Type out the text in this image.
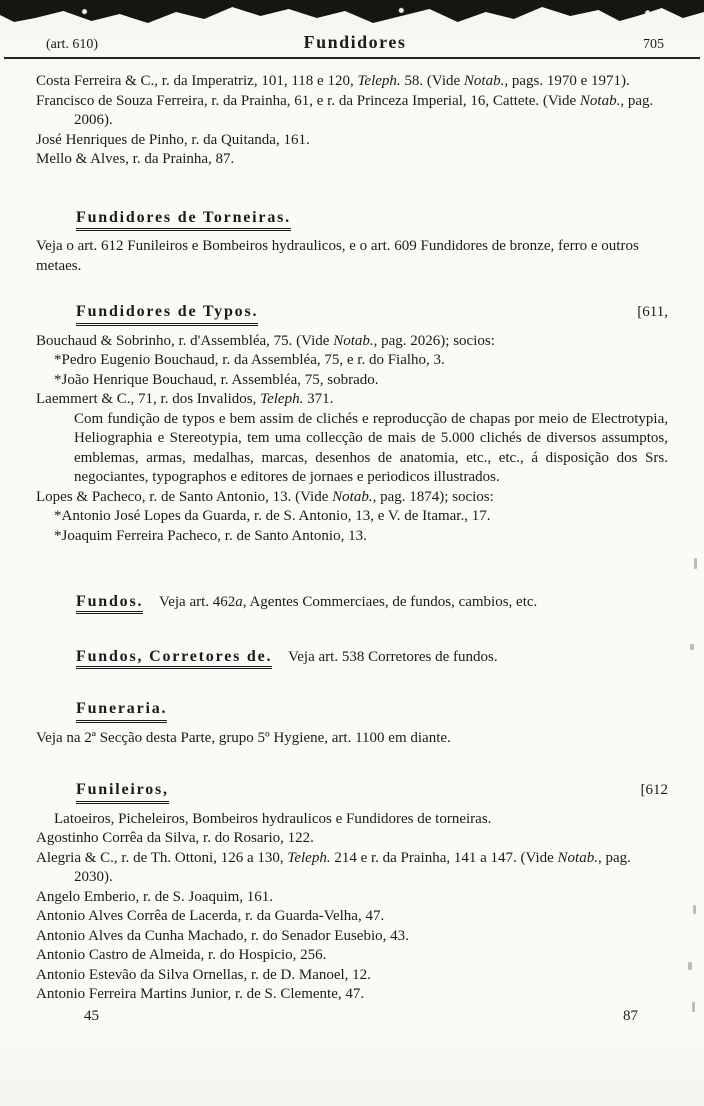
(art. 610)	Fundidores	705
Costa Ferreira & C., r. da Imperatriz, 101, 118 e 120, Teleph. 58. (Vide Notab., pags. 1970 e 1971).
Francisco de Souza Ferreira, r. da Prainha, 61, e r. da Princeza Imperial, 16, Cattete. (Vide Notab., pag. 2006).
José Henriques de Pinho, r. da Quitanda, 161.
Mello & Alves, r. da Prainha, 87.
Fundidores de Torneiras.
Veja o art. 612 Funileiros e Bombeiros hydraulicos, e o art. 609 Fundidores de bronze, ferro e outros metaes.
Fundidores de Typos.	[611,
Bouchaud & Sobrinho, r. d'Assembléa, 75. (Vide Notab., pag. 2026); socios:
*Pedro Eugenio Bouchaud, r. da Assembléa, 75, e r. do Fialho, 3.
*João Henrique Bouchaud, r. Assembléa, 75, sobrado.
Laemmert & C., 71, r. dos Invalidos, Teleph. 371.
Com fundição de typos e bem assim de clichés e reproducção de chapas por meio de Electrotypia, Heliographia e Stereotypia, tem uma collecção de mais de 5.000 clichés de diversos assumptos, emblemas, armas, medalhas, marcas, desenhos de anatomia, etc., etc., á disposição dos Srs. negociantes, typographos e editores de jornaes e periodicos illustrados.
Lopes & Pacheco, r. de Santo Antonio, 13. (Vide Notab., pag. 1874); socios:
*Antonio José Lopes da Guarda, r. de S. Antonio, 13, e V. de Itamar., 17.
*Joaquim Ferreira Pacheco, r. de Santo Antonio, 13.
Fundos. Veja art. 462a, Agentes Commerciaes, de fundos, cambios, etc.
Fundos, Corretores de. Veja art. 538 Corretores de fundos.
Funeraria.
Veja na 2ª Secção desta Parte, grupo 5º Hygiene, art. 1100 em diante.
Funileiros,	[612
Latoeiros, Picheleiros, Bombeiros hydraulicos e Fundidores de torneiras.
Agostinho Corrêa da Silva, r. do Rosario, 122.
Alegria & C., r. de Th. Ottoni, 126 a 130, Teleph. 214 e r. da Prainha, 141 a 147. (Vide Notab., pag. 2030).
Angelo Emberio, r. de S. Joaquim, 161.
Antonio Alves Corrêa de Lacerda, r. da Guarda-Velha, 47.
Antonio Alves da Cunha Machado, r. do Senador Eusebio, 43.
Antonio Castro de Almeida, r. do Hospicio, 256.
Antonio Estevão da Silva Ornellas, r. de D. Manoel, 12.
Antonio Ferreira Martins Junior, r. de S. Clemente, 47.
45	87
